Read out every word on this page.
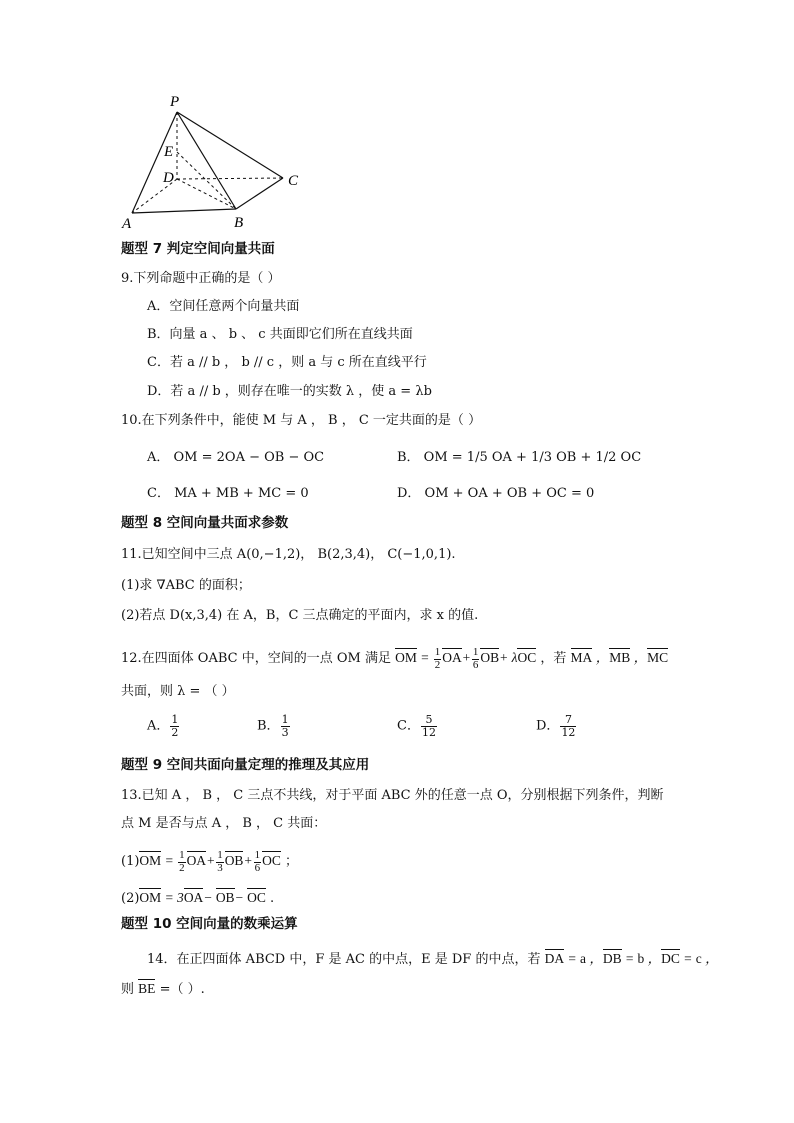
P
E
D	C
A	B
题型 7 判定空间向量共面
9.下列命题中正确的是（ ）
A．空间任意两个向量共面
B．向量 a 、 b 、 c 共面即它们所在直线共面
C．若 a // b ， b // c ，则 a 与 c 所在直线平行
D．若 a // b ，则存在唯一的实数 λ ，使 a = λb
10.在下列条件中，能使 M 与 A ， B ， C 一定共面的是（ ）
A． OM = 2OA − OB − OC	B． OM = 1/5 OA + 1/3 OB + 1/2 OC
C． MA + MB + MC = 0	D． OM + OA + OB + OC = 0
题型 8 空间向量共面求参数
11.已知空间中三点 A(0,−1,2)， B(2,3,4)， C(−1,0,1).
(1)求 ∇ABC 的面积；
(2)若点 D(x,3,4) 在 A，B，C 三点确定的平面内，求 x 的值.
12.在四面体 OABC 中，空间的一点 OM 满足 OM = $\frac{1}{2} OA+ \frac{1}{6} OB+ \lambda OC$ ，若 MA ，MB ，MC
共面，则 λ = （ ）
A． $\frac{1}{2}$	B． $\frac{1}{3}$	C． $\frac{5}{12}$	D． $\frac{7}{12}$
题型 9 空间共面向量定理的推理及其应用
13.已知 A ， B ， C 三点不共线，对于平面 ABC 外的任意一点 O，分别根据下列条件，判断
点 M 是否与点 A ， B ， C 共面：
$(1)OM = \frac{1}{2} OA+ \frac{1}{3} OB+ \frac{1}{6}$ OC ；
(2)OM = 3OA− OB− OC .
题型 10 空间向量的数乘运算
14．在正四面体 ABCD 中，F 是 AC 的中点，E 是 DF 的中点，若 DA = a ，DB = b ，DC = c ，
则 BE =（ ）.
